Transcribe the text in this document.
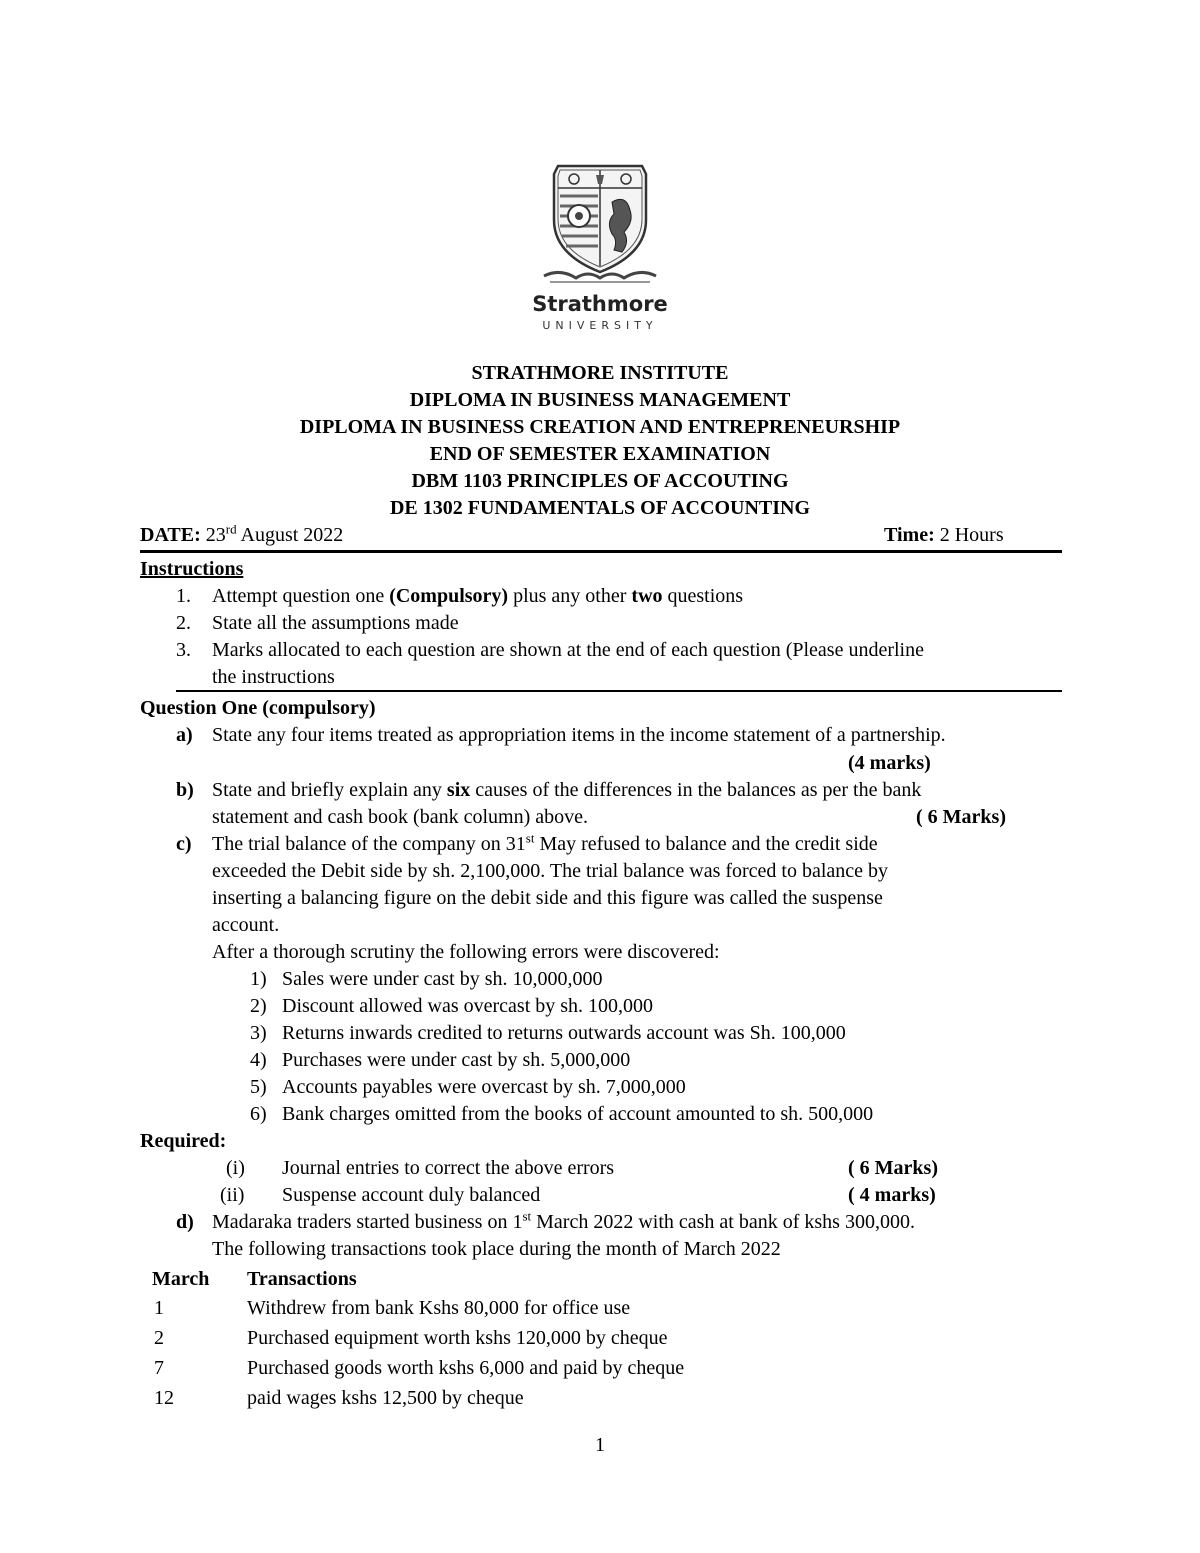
Strathmore
UNIVERSITY
STRATHMORE INSTITUTE
DIPLOMA IN BUSINESS MANAGEMENT
DIPLOMA IN BUSINESS CREATION AND ENTREPRENEURSHIP
END OF SEMESTER EXAMINATION
DBM 1103 PRINCIPLES OF ACCOUTING
DE 1302 FUNDAMENTALS OF ACCOUNTING
DATE: 23rd August 2022	Time: 2 Hours
Instructions
1. Attempt question one (Compulsory) plus any other two questions
2. State all the assumptions made
3. Marks allocated to each question are shown at the end of each question (Please underline
the instructions
Question One (compulsory)
a) State any four items treated as appropriation items in the income statement of a partnership.
(4 marks)
b) State and briefly explain any six causes of the differences in the balances as per the bank
statement and cash book (bank column) above.	( 6 Marks)
c) The trial balance of the company on 31st May refused to balance and the credit side
exceeded the Debit side by sh. 2,100,000. The trial balance was forced to balance by
inserting a balancing figure on the debit side and this figure was called the suspense
account.
After a thorough scrutiny the following errors were discovered:
1) Sales were under cast by sh. 10,000,000
2) Discount allowed was overcast by sh. 100,000
3) Returns inwards credited to returns outwards account was Sh. 100,000
4) Purchases were under cast by sh. 5,000,000
5) Accounts payables were overcast by sh. 7,000,000
6) Bank charges omitted from the books of account amounted to sh. 500,000
Required:
(i) Journal entries to correct the above errors	( 6 Marks)
(ii) Suspense account duly balanced	( 4 marks)
d) Madaraka traders started business on 1st March 2022 with cash at bank of kshs 300,000.
The following transactions took place during the month of March 2022
March Transactions
1	Withdrew from bank Kshs 80,000 for office use
2	Purchased equipment worth kshs 120,000 by cheque
7	Purchased goods worth kshs 6,000 and paid by cheque
12	paid wages kshs 12,500 by cheque
1
